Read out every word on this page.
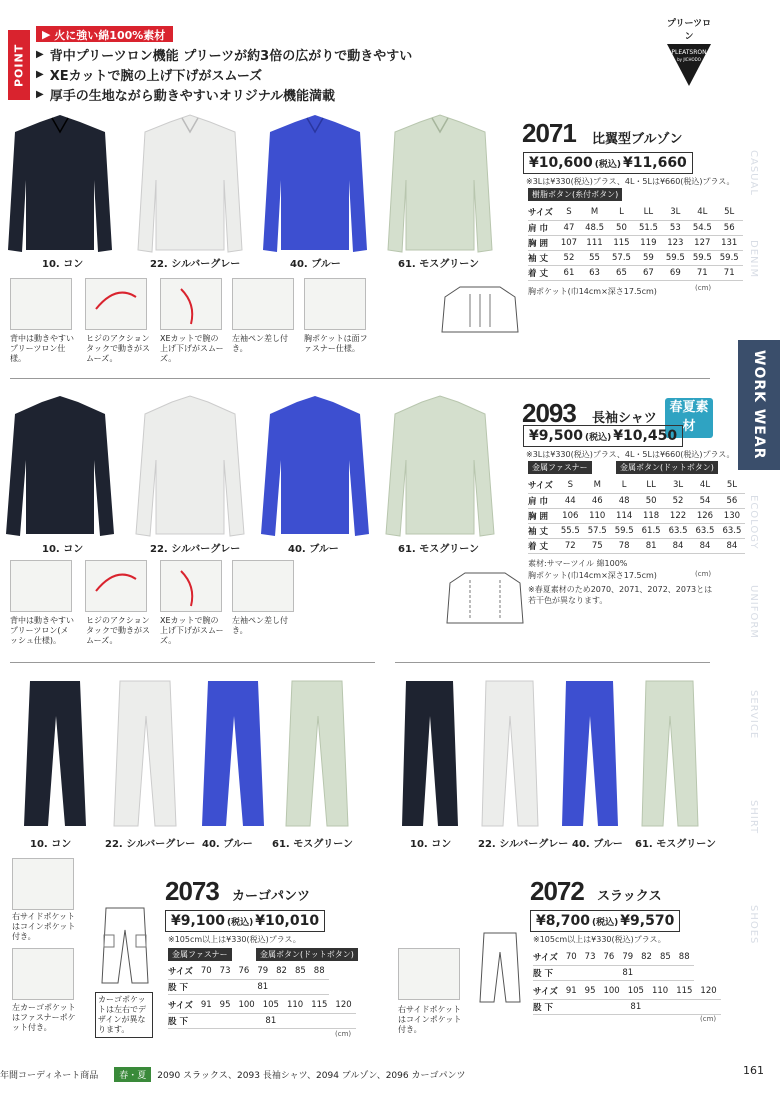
POINT
▶ 火に強い綿100%素材
▶ 背中プリーツロン機能 プリーツが約3倍の広がりで動きやすい
▶ XEカットで腕の上げ下げがスムーズ
▶ 厚手の生地ながら動きやすいオリジナル機能満載
プリーツロン
PLEATSRON
by JICHODO
WORK WEAR
CASUAL
DENIM
ECOLOGY
UNIFORM
SERVICE
SHIRT
SHOES
10. コン	22. シルバーグレー	40. ブルー	61. モスグリーン
背中は動きやすいプリーツロン仕様。
ヒジのアクションタックで動きがスムーズ。
XEカットで腕の上げ下げがスムーズ。
左袖ペン差し付き。
胸ポケットは面ファスナー仕様。
2071 比翼型ブルゾン
¥10,600 (税込) ¥11,660
※3Lは¥330(税込)プラス、4L・5Lは¥660(税込)プラス。
樹脂ボタン(糸付ボタン)
サイズ	S	M	L	LL	3L	4L	5L
肩 巾	47	48.5	50	51.5	53	54.5	56
胸 囲	107	111	115	119	123	127	131
袖 丈	52	55	57.5	59	59.5	59.5	59.5
着 丈	61	63	65	67	69	71	71
胸ポケット(巾14cm×深さ17.5cm)	(cm)
10. コン	22. シルバーグレー	40. ブルー	61. モスグリーン
背中は動きやすいプリーツロン(メッシュ仕様)。
ヒジのアクションタックで動きがスムーズ。
XEカットで腕の上げ下げがスムーズ。
左袖ペン差し付き。
2093 長袖シャツ
春夏素材
¥9,500 (税込) ¥10,450
※3Lは¥330(税込)プラス、4L・5Lは¥660(税込)プラス。
金属ファスナー	金属ボタン(ドットボタン)
サイズ	S	M	L	LL	3L	4L	5L
肩 巾	44	46	48	50	52	54	56
胸 囲	106	110	114	118	122	126	130
袖 丈	55.5	57.5	59.5	61.5	63.5	63.5	63.5
着 丈	72	75	78	81	84	84	84
素材:サマーツイル 綿100%
胸ポケット(巾14cm×深さ17.5cm)	(cm)
※春夏素材のため2070、2071、2072、2073とは若干色が異なります。
10. コン	22. シルバーグレー 40. ブルー 61. モスグリーン	10. コン	22. シルバーグレー 40. ブルー 61. モスグリーン
右サイドポケットはコインポケット付き。
左カーゴポケットはファスナーポケット付き。
カーゴポケットは左右でデザインが異なります。
2073 カーゴパンツ
¥9,100 (税込) ¥10,010
※105cm以上は¥330(税込)プラス。
金属ファスナー	金属ボタン(ドットボタン)
サイズ	70	73	76	79	82	85	88
股 下				81			
サイズ	91	95	100	105	110	115	120
股 下				81			
(cm)
2072 スラックス
¥8,700 (税込) ¥9,570
※105cm以上は¥330(税込)プラス。
サイズ	70	73	76	79	82	85	88
股 下				81			
サイズ	91	95	100	105	110	115	120
股 下				81			
(cm)
右サイドポケットはコインポケット付き。
年間コーディネート商品	春・夏	2090 スラックス、2093 長袖シャツ、2094 ブルゾン、2096 カーゴパンツ	161
